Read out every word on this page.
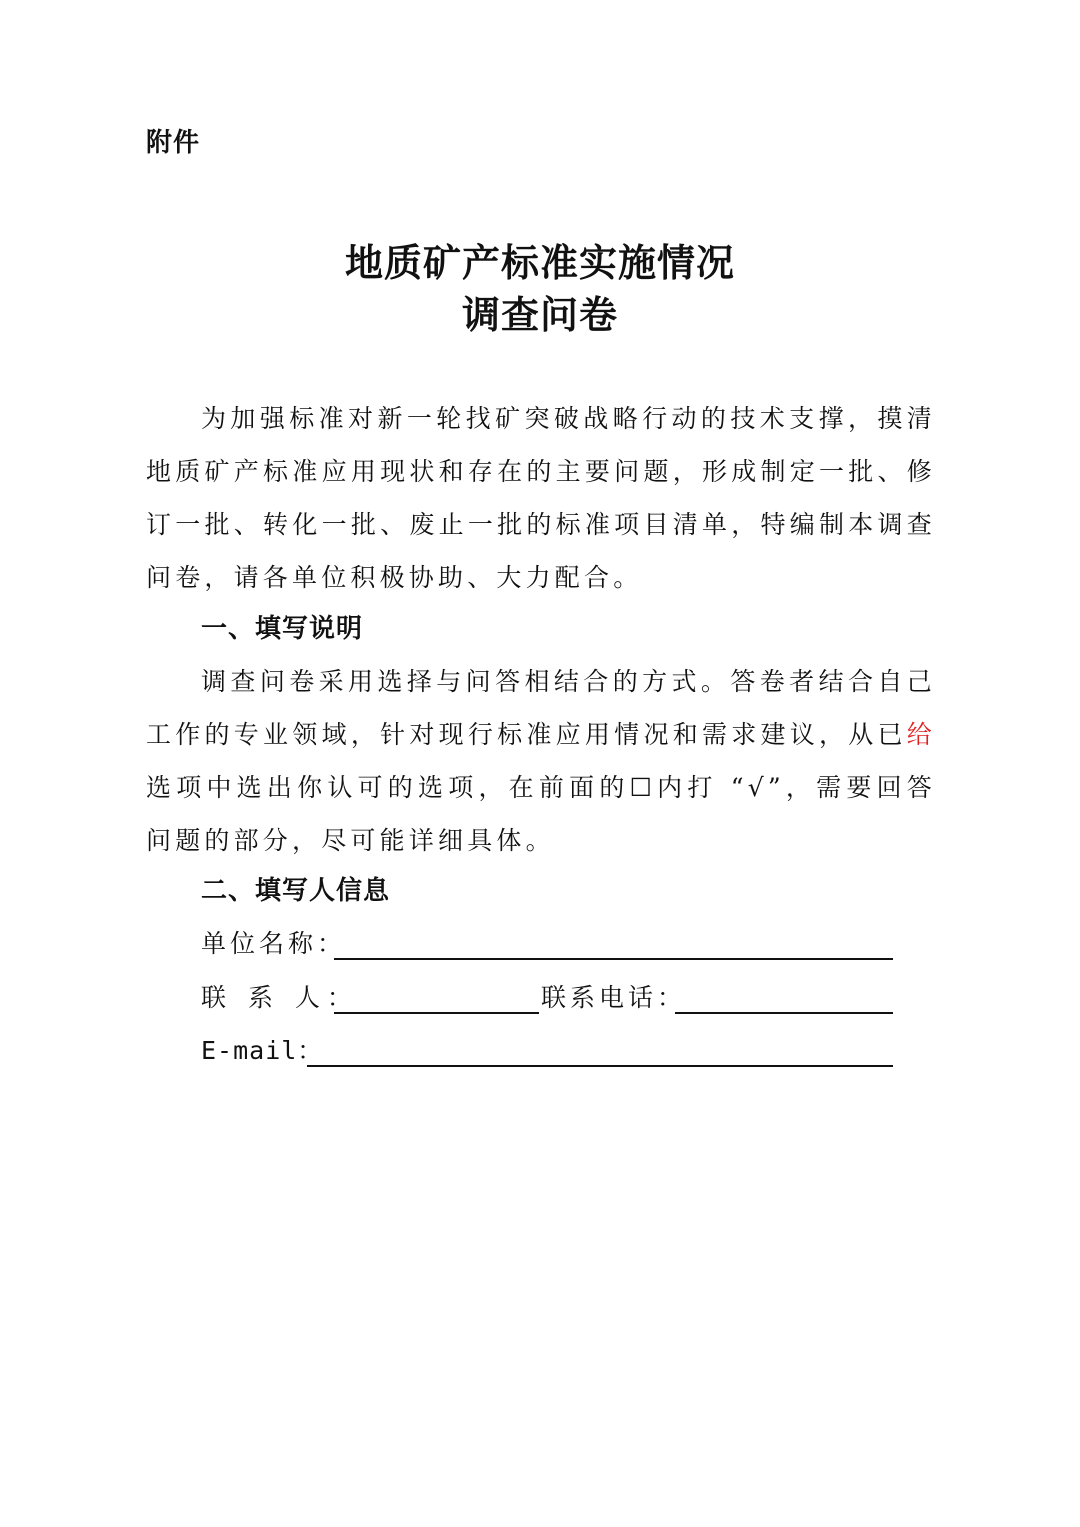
附件
地质矿产标准实施情况
调查问卷
为加强标准对新一轮找矿突破战略行动的技术支撑，摸清地质矿产标准应用现状和存在的主要问题，形成制定一批、修订一批、转化一批、废止一批的标准项目清单，特编制本调查问卷，请各单位积极协助、大力配合。
一、填写说明
调查问卷采用选择与问答相结合的方式。答卷者结合自己工作的专业领域，针对现行标准应用情况和需求建议，从已给选项中选出你认可的选项，在前面的☐内打 “√”，需要回答问题的部分，尽可能详细具体。
二、填写人信息
单位名称：
联 系 人：	联系电话：
E-mail：
